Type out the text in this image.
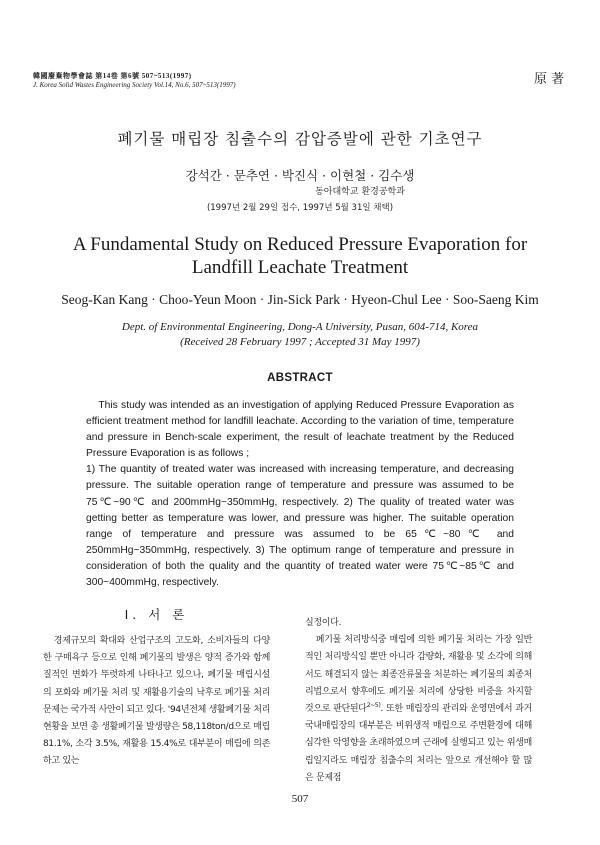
韓國廢棄物學會誌 第14卷 第6號 507~513(1997)
J. Korea Solid Wastes Engineering Society Vol.14, No.6, 507~513(1997)	原著
폐기물 매립장 침출수의 감압증발에 관한 기초연구
강석간 · 문추연 · 박진식 · 이현철 · 김수생
동아대학교 환경공학과
(1997년 2월 29일 접수, 1997년 5월 31일 채택)
A Fundamental Study on Reduced Pressure Evaporation for
Landfill Leachate Treatment
Seog-Kan Kang · Choo-Yeun Moon · Jin-Sick Park · Hyeon-Chul Lee · Soo-Saeng Kim
Dept. of Environmental Engineering, Dong-A University, Pusan, 604-714, Korea
(Received 28 February 1997 ; Accepted 31 May 1997)
ABSTRACT

This study was intended as an investigation of applying Reduced Pressure Evaporation as efficient treatment method for landfill leachate. According to the variation of time, temperature and pressure in Bench-scale experiment, the result of leachate treatment by the Reduced Pressure Evaporation is as follows ;

1) The quantity of treated water was increased with increasing temperature, and decreasing pressure. The suitable operation range of temperature and pressure was assumed to be 75℃~90℃ and 200mmHg~350mmHg, respectively. 2) The quality of treated water was getting better as temperature was lower, and pressure was higher. The suitable operation range of temperature and pressure was assumed to be 65℃~80℃ and 250mmHg~350mmHg, respectively. 3) The optimum range of temperature and pressure in consideration of both the quality and the quantity of treated water were 75℃~85℃ and 300~400mmHg, respectively.

Ⅰ. 서 론

경제규모의 확대와 산업구조의 고도화, 소비자들의 다양한 구매욕구 등으로 인해 폐기물의 발생은 양적 증가와 함께 질적인 변화가 뚜렷하게 나타나고 있으나, 폐기물 매립시설의 포화와 폐기물 처리 및 재활용기술의 낙후로 폐기물 처리문제는 국가적 사안이 되고 있다. '94년전체 생활폐기물 처리현황을 보면 총 생활폐기물 발생량은 58,118ton/d으로 매립 81.1%, 소각 3.5%, 재활용 15.4%로 대부분이 매립에 의존하고 있는

실정이다.

폐기물 처리방식중 매립에 의한 폐기물 처리는 가장 일반적인 처리방식일 뿐만 아니라 감량화, 재활용 및 소각에 의해서도 해결되지 않는 최종잔류물을 처분하는 폐기물의 최종처리법으로서 향후에도 폐기물 처리에 상당한 비중을 차지할 것으로 판단된다$^{2\sim 5)}$. 또한 매립장의 관리와 운영면에서 과거 국내매립장의 대부분은 비위생적 매립으로 주변환경에 대해 심각한 악영향을 초래하였으며 근래에 실행되고 있는 위생매립일지라도 매립장 침출수의 처리는 앞으로 개선해야 할 많은 문제점

507
